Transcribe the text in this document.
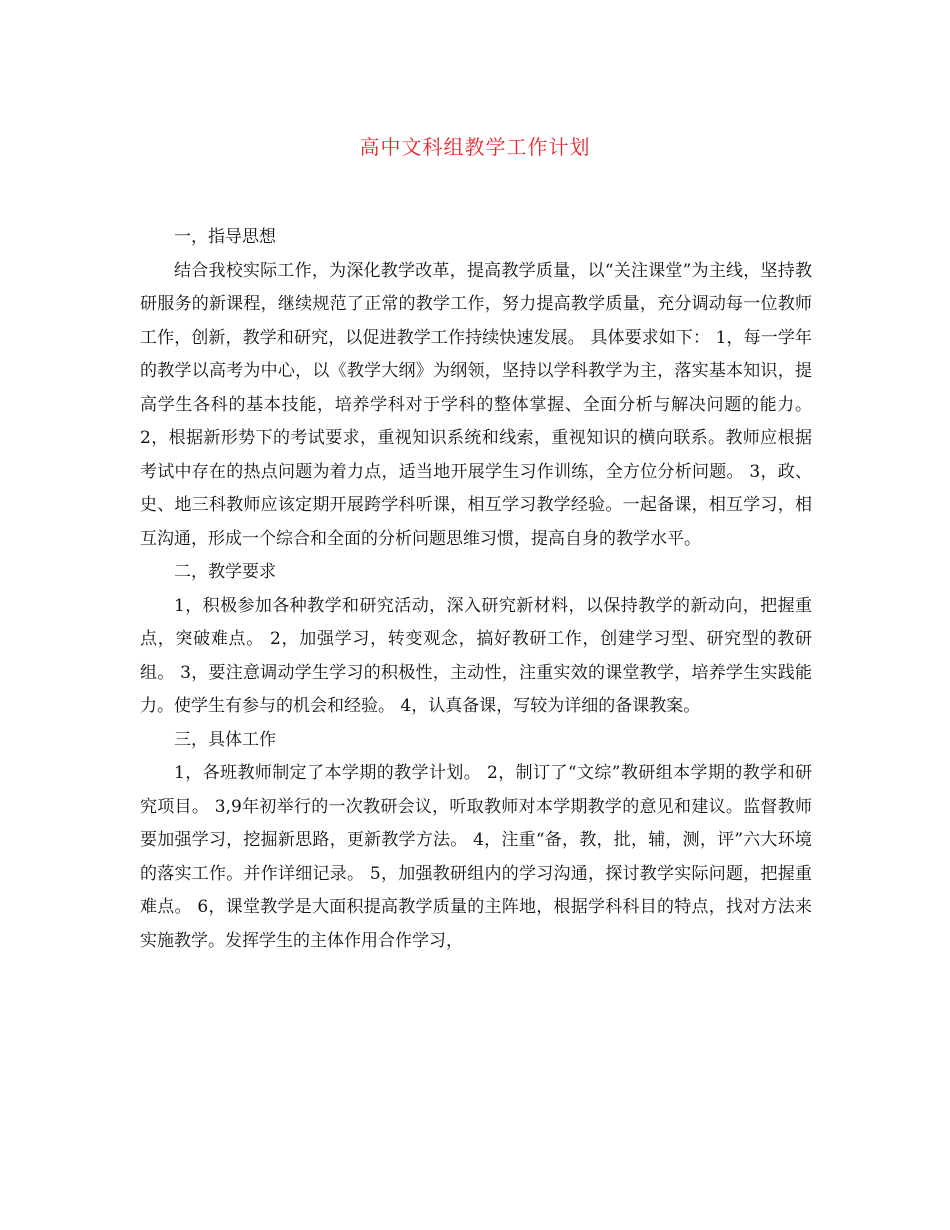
高中文科组教学工作计划

一，指导思想

结合我校实际工作，为深化教学改革，提高教学质量，以“关注课堂”为主线，坚持教研服务的新课程，继续规范了正常的教学工作，努力提高教学质量，充分调动每一位教师工作，创新，教学和研究，以促进教学工作持续快速发展。 具体要求如下： 1，每一学年的教学以高考为中心，以《教学大纲》为纲领，坚持以学科教学为主，落实基本知识，提高学生各科的基本技能，培养学科对于学科的整体掌握、全面分析与解决问题的能力。 2，根据新形势下的考试要求，重视知识系统和线索，重视知识的横向联系。教师应根据考试中存在的热点问题为着力点，适当地开展学生习作训练，全方位分析问题。 3，政、史、地三科教师应该定期开展跨学科听课，相互学习教学经验。一起备课，相互学习，相互沟通，形成一个综合和全面的分析问题思维习惯，提高自身的教学水平。

二，教学要求

1，积极参加各种教学和研究活动，深入研究新材料，以保持教学的新动向，把握重点，突破难点。 2，加强学习，转变观念，搞好教研工作，创建学习型、研究型的教研组。 3，要注意调动学生学习的积极性，主动性，注重实效的课堂教学，培养学生实践能力。使学生有参与的机会和经验。 4，认真备课，写较为详细的备课教案。

三，具体工作

1，各班教师制定了本学期的教学计划。 2，制订了“文综”教研组本学期的教学和研究项目。 3,9年初举行的一次教研会议，听取教师对本学期教学的意见和建议。监督教师要加强学习，挖掘新思路，更新教学方法。 4，注重“备，教，批，辅，测，评”六大环境的落实工作。并作详细记录。 5，加强教研组内的学习沟通，探讨教学实际问题，把握重难点。 6，课堂教学是大面积提高教学质量的主阵地，根据学科科目的特点，找对方法来实施教学。发挥学生的主体作用合作学习，
